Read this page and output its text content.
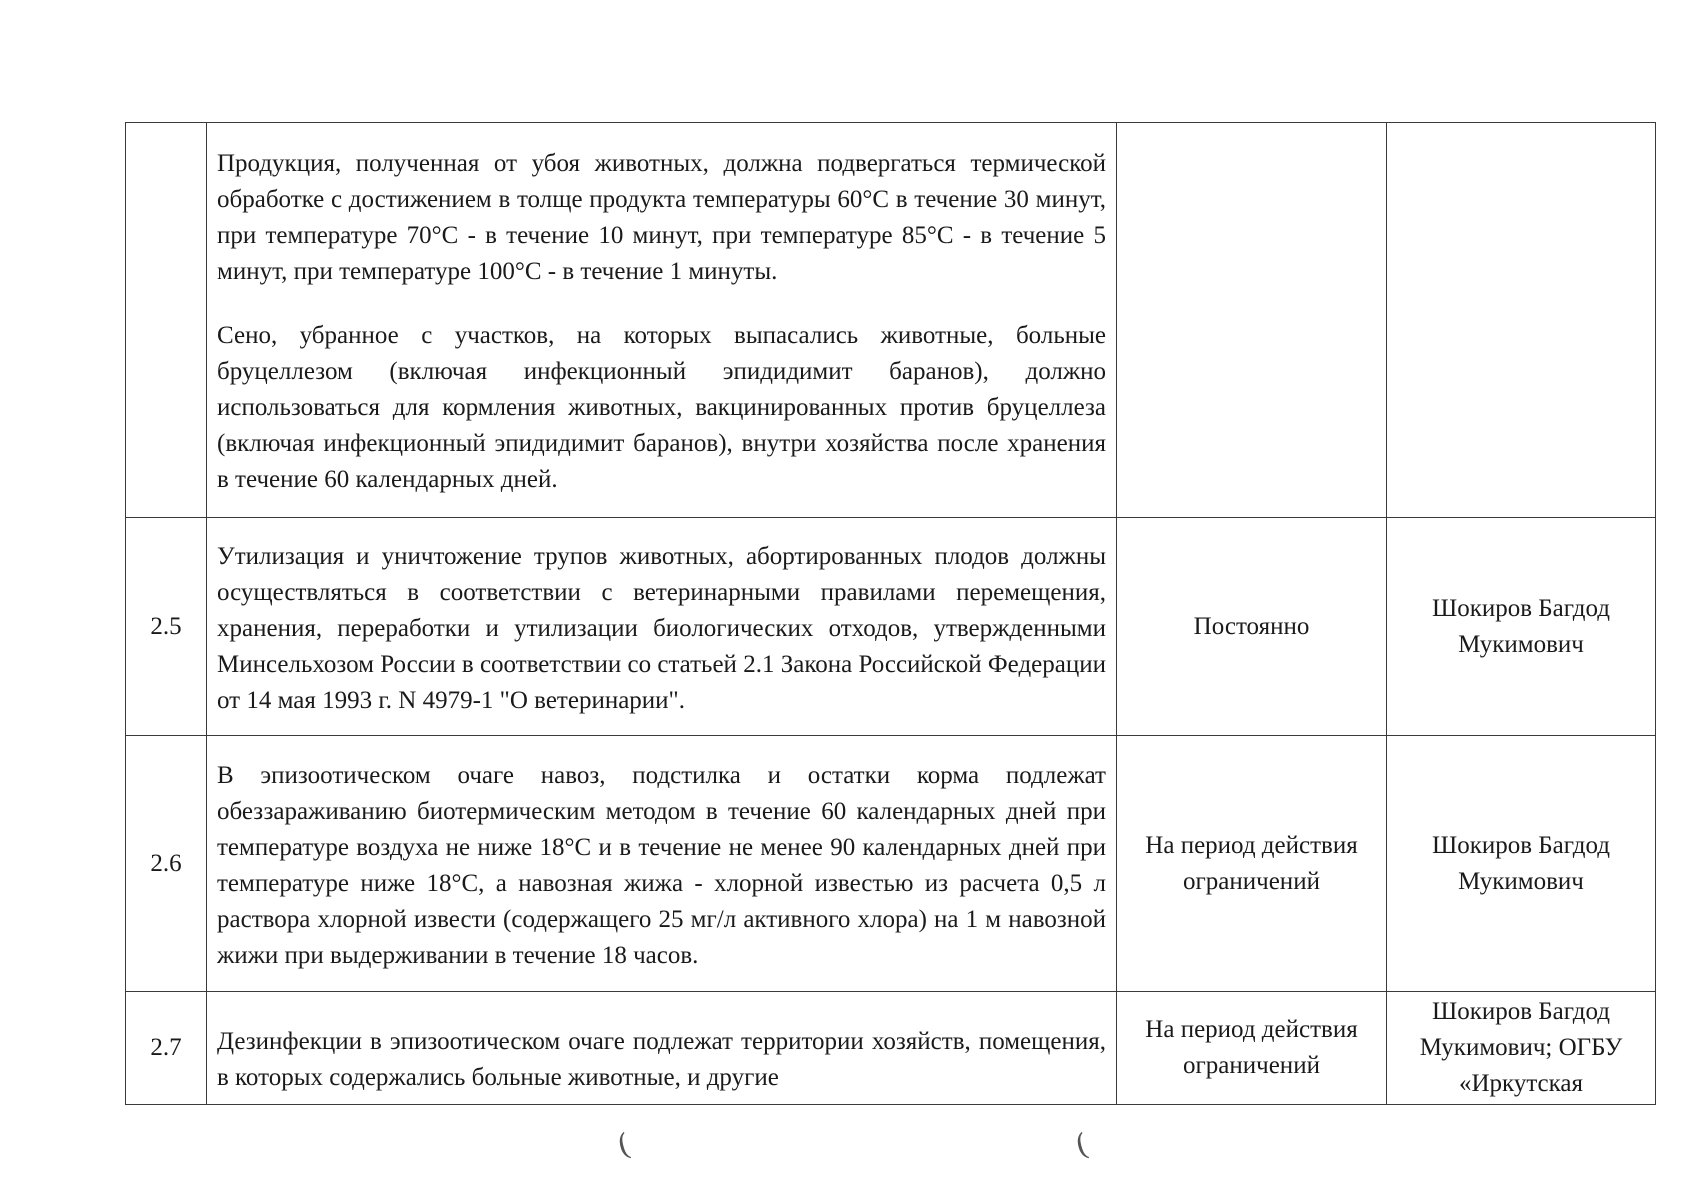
	Продукция, полученная от убоя животных, должна подвергаться термической обработке с достижением в толще продукта температуры 60°С в течение 30 минут, при температуре 70°С - в течение 10 минут, при температуре 85°С - в течение 5 минут, при температуре 100°С - в течение 1 минуты.

Сено, убранное с участков, на которых выпасались животные, больные бруцеллезом (включая инфекционный эпидидимит баранов), должно использоваться для кормления животных, вакцинированных против бруцеллеза (включая инфекционный эпидидимит баранов), внутри хозяйства после хранения в течение 60 календарных дней.		

2.5	Утилизация и уничтожение трупов животных, абортированных плодов должны осуществляться в соответствии с ветеринарными правилами перемещения, хранения, переработки и утилизации биологических отходов, утвержденными Минсельхозом России в соответствии со статьей 2.1 Закона Российской Федерации от 14 мая 1993 г. N 4979-1 "О ветеринарии".	Постоянно	Шокиров Багдод Мукимович
2.6	В эпизоотическом очаге навоз, подстилка и остатки корма подлежат обеззараживанию биотермическим методом в течение 60 календарных дней при температуре воздуха не ниже 18°С и в течение не менее 90 календарных дней при температуре ниже 18°С, а навозная жижа - хлорной известью из расчета 0,5 л раствора хлорной извести (содержащего 25 мг/л активного хлора) на 1 м навозной жижи при выдерживании в течение 18 часов.	На период действия ограничений	Шокиров Багдод Мукимович
2.7	Дезинфекции в эпизоотическом очаге подлежат территории хозяйств, помещения, в которых содержались больные животные, и другие	На период действия ограничений	Шокиров Багдод Мукимович; ОГБУ «Иркутская
(	(
